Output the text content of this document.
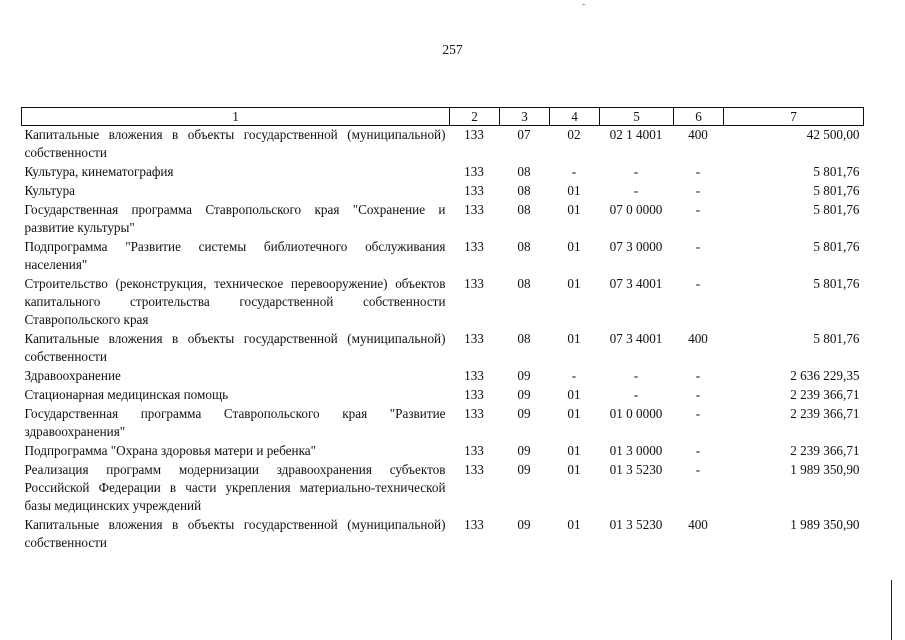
257
1	2	3	4	5	6	7
Капитальные вложения в объекты государственной (муниципальной) собственности	133	07	02	02 1 4001	400	42 500,00
Культура, кинематография	133	08	-	-	-	5 801,76
Культура	133	08	01	-	-	5 801,76
Государственная программа Ставропольского края "Сохранение и развитие культуры"	133	08	01	07 0 0000	-	5 801,76
Подпрограмма "Развитие системы библиотечного обслуживания населения"	133	08	01	07 3 0000	-	5 801,76
Строительство (реконструкция, техническое перевооружение) объектов капитального строительства государственной собственности Ставропольского края	133	08	01	07 3 4001	-	5 801,76
Капитальные вложения в объекты государственной (муниципальной) собственности	133	08	01	07 3 4001	400	5 801,76
Здравоохранение	133	09	-	-	-	2 636 229,35
Стационарная медицинская помощь	133	09	01	-	-	2 239 366,71
Государственная программа Ставропольского края "Развитие здравоохранения"	133	09	01	01 0 0000	-	2 239 366,71
Подпрограмма "Охрана здоровья матери и ребенка"	133	09	01	01 3 0000	-	2 239 366,71
Реализация программ модернизации здравоохранения субъектов Российской Федерации в части укрепления материально-технической базы медицинских учреждений	133	09	01	01 3 5230	-	1 989 350,90
Капитальные вложения в объекты государственной (муниципальной) собственности	133	09	01	01 3 5230	400	1 989 350,90
